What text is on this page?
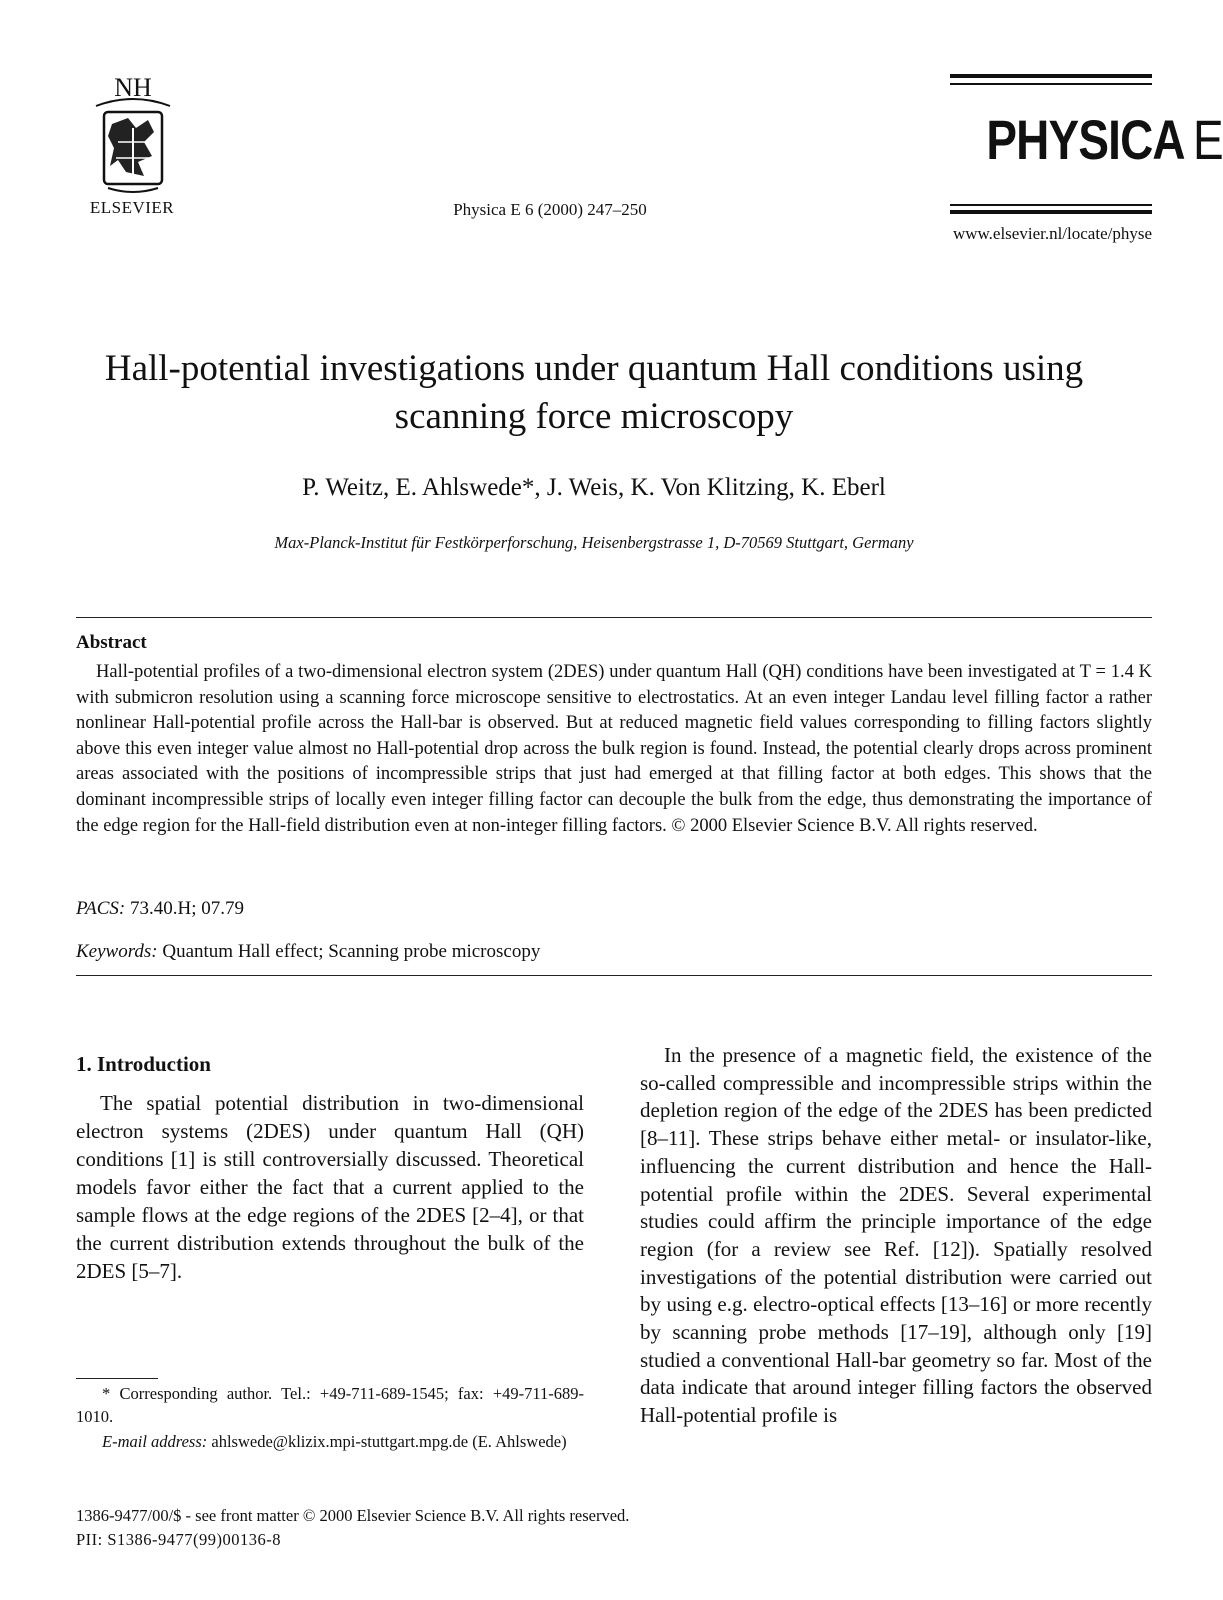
NH
ELSEVIER	Physica E 6 (2000) 247–250
PHYSICA E
www.elsevier.nl/locate/physe
Hall-potential investigations under quantum Hall conditions using
scanning force microscopy
P. Weitz, E. Ahlswede*, J. Weis, K. Von Klitzing, K. Eberl
Max-Planck-Institut für Festkörperforschung, Heisenbergstrasse 1, D-70569 Stuttgart, Germany
Abstract

Hall-potential profiles of a two-dimensional electron system (2DES) under quantum Hall (QH) conditions have been investigated at T = 1.4 K with submicron resolution using a scanning force microscope sensitive to electrostatics. At an even integer Landau level filling factor a rather nonlinear Hall-potential profile across the Hall-bar is observed. But at reduced magnetic field values corresponding to filling factors slightly above this even integer value almost no Hall-potential drop across the bulk region is found. Instead, the potential clearly drops across prominent areas associated with the positions of incompressible strips that just had emerged at that filling factor at both edges. This shows that the dominant incompressible strips of locally even integer filling factor can decouple the bulk from the edge, thus demonstrating the importance of the edge region for the Hall-field distribution even at non-integer filling factors. © 2000 Elsevier Science B.V. All rights reserved.

PACS: 73.40.H; 07.79
Keywords: Quantum Hall effect; Scanning probe microscopy
1. Introduction

The spatial potential distribution in two-dimensional electron systems (2DES) under quantum Hall (QH) conditions [1] is still controversially discussed. Theoretical models favor either the fact that a current applied to the sample flows at the edge regions of the 2DES [2–4], or that the current distribution extends throughout the bulk of the 2DES [5–7].

In the presence of a magnetic field, the existence of the so-called compressible and incompressible strips within the depletion region of the edge of the 2DES has been predicted [8–11]. These strips behave either metal- or insulator-like, influencing the current distribution and hence the Hall-potential profile within the 2DES. Several experimental studies could affirm the principle importance of the edge region (for a review see Ref. [12]). Spatially resolved investigations of the potential distribution were carried out by using e.g. electro-optical effects [13–16] or more recently by scanning probe methods [17–19], although only [19] studied a conventional Hall-bar geometry so far. Most of the data indicate that around integer filling factors the observed Hall-potential profile is

* Corresponding author. Tel.: +49-711-689-1545; fax: +49-711-689-1010.

E-mail address: ahlswede@klizix.mpi-stuttgart.mpg.de (E. Ahlswede)

1386-9477/00/$ - see front matter © 2000 Elsevier Science B.V. All rights reserved.
PII: S1386-9477(99)00136-8
